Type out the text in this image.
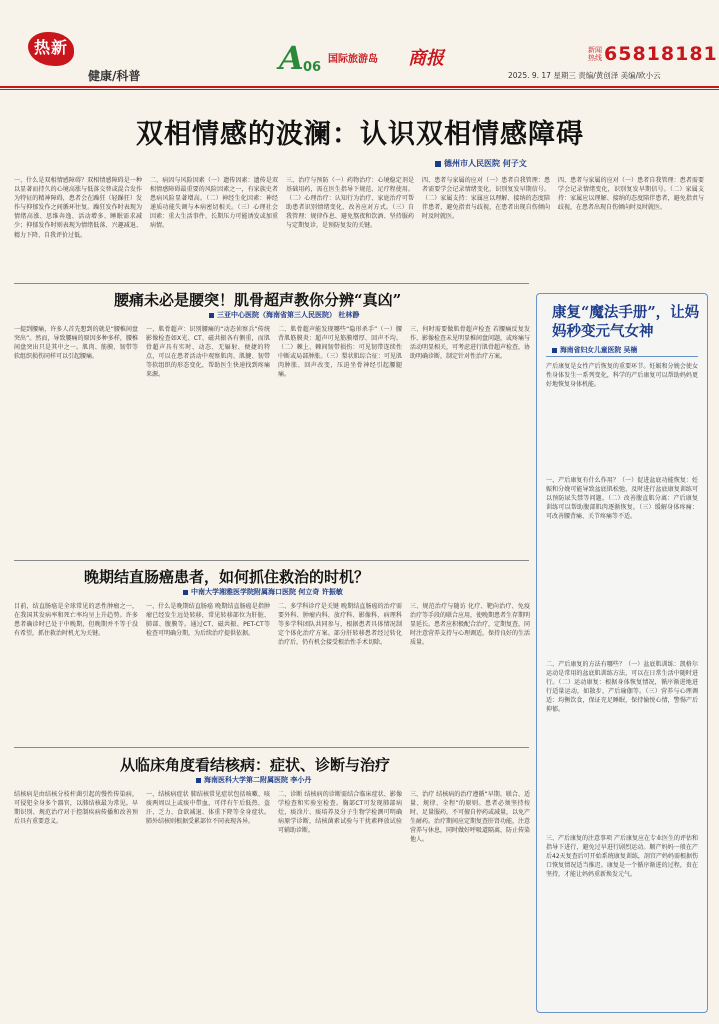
热新
健康/科普	A 06
国际旅游岛 商报	新闻热线 65818181
2025. 9. 17 星期三 责编/黄创泽 美编/欧小云
双相情感的波澜：认识双相情感障碍
德州市人民医院 何子文
一、什么是双相情感障碍？双相情感障碍是一种以显著而持久的心境高涨与低落交替或混合发作为特征的精神障碍，患者会在躁狂（轻躁狂）发作与抑郁发作之间循环往复。躁狂发作时表现为情绪高涨、思维奔逸、活动增多、睡眠需求减少；抑郁发作时则表现为情绪低落、兴趣减退、精力下降、自我评价过低。
二、病因与风险因素（一）遗传因素：遗传是双相情感障碍最重要的风险因素之一，有家族史者患病风险显著增高。（二）神经生化因素：神经递质功能失调与本病密切相关。（三）心理社会因素：重大生活事件、长期压力可能诱发或加重病情。
三、治疗与预防（一）药物治疗：心境稳定剂是基础用药，需在医生指导下规范、足疗程使用。（二）心理治疗：认知行为治疗、家庭治疗可帮助患者识别情绪变化、改善应对方式。（三）自我管理：规律作息、避免熬夜和饮酒、坚持服药与定期复诊，是预防复发的关键。
四、患者与家属的应对（一）患者自我管理：患者需要学会记录情绪变化，识别复发早期信号。（二）家属支持：家属应以理解、接纳的态度陪伴患者，避免指责与歧视，在患者出现自伤倾向时及时就医。
四、患者与家属的应对（一）患者自我管理：患者需要学会记录情绪变化，识别复发早期信号。（二）家属支持：家属应以理解、接纳的态度陪伴患者，避免指责与歧视，在患者出现自伤倾向时及时就医。
腰痛未必是腰突！肌骨超声教你分辨“真凶”
三亚中心医院（海南省第三人民医院） 杜林静
一提到腰痛，许多人首先想到的就是“腰椎间盘突出”。然而，导致腰痛的原因多种多样，腰椎间盘突出只是其中之一。肌肉、筋膜、韧带等软组织损伤同样可以引起腰痛。
一、肌骨超声：识别腰痛的“动态侦察兵”传统影像检查如X光、CT、磁共振各有侧重，而肌骨超声具有实时、动态、无辐射、便捷的特点，可以在患者活动中观察肌肉、肌腱、韧带等软组织的形态变化，帮助医生快速找到疼痛来源。
二、肌骨超声能发现哪些“隐形杀手”（一）腰背肌筋膜炎：超声可见筋膜增厚、回声不均。（二）棘上、棘间韧带损伤：可见韧带连续性中断或局部肿胀。（三）梨状肌综合征：可见肌肉肿胀、回声改变，压迫坐骨神经引起腰腿痛。
三、何时需要做肌骨超声检查 若腰痛反复发作、影像检查未见明显椎间盘问题，或疼痛与活动明显相关，可考虑进行肌骨超声检查，协助明确诊断，制定针对性治疗方案。
晚期结直肠癌患者，如何抓住救治的时机？
中南大学湘雅医学院附属海口医院 何立奇 许振敏
目前，结直肠癌是全球常见的恶性肿瘤之一，在我国其发病率和死亡率均呈上升趋势。许多患者确诊时已处于中晚期，但晚期并不等于没有希望，抓住救治时机尤为关键。
一、什么是晚期结直肠癌 晚期结直肠癌是指肿瘤已经发生远处转移，常见转移部位为肝脏、肺部、腹膜等。通过CT、磁共振、PET-CT等检查可明确分期，为后续治疗提供依据。
二、多学科诊疗是关键 晚期结直肠癌的治疗需要外科、肿瘤内科、放疗科、影像科、病理科等多学科团队共同参与，根据患者具体情况制定个体化治疗方案。部分肝转移患者经过转化治疗后，仍有机会接受根治性手术切除。
三、规范治疗与随访 化疗、靶向治疗、免疫治疗等手段的联合应用，使晚期患者生存期明显延长。患者应积极配合治疗，定期复查，同时注意营养支持与心理调适，保持良好的生活质量。
从临床角度看结核病：症状、诊断与治疗
海南医科大学第二附属医院 李小丹
结核病是由结核分枝杆菌引起的慢性传染病，可侵犯全身多个器官，以肺结核最为常见。早期识别、规范治疗对于控制疾病传播和改善预后具有重要意义。
一、结核病症状 肺结核常见症状包括咳嗽、咳痰两周以上或痰中带血，可伴有午后低热、盗汗、乏力、食欲减退、体重下降等全身症状。肺外结核则根据受累部位不同表现各异。
二、诊断 结核病的诊断需结合临床症状、影像学检查和实验室检查。胸部CT可发现肺部病灶，痰涂片、痰培养及分子生物学检测可明确病原学诊断，结核菌素试验与干扰素释放试验可辅助诊断。
三、治疗 结核病的治疗遵循“早期、联合、适量、规律、全程”的原则。患者必须坚持按时、足量服药，不可擅自停药或减量，以免产生耐药。治疗期间应定期复查肝肾功能，注意营养与休息，同时做好呼吸道隔离，防止传染他人。
康复“魔法手册”，让妈妈秒变元气女神
海南省妇女儿童医院 吴楠
产后康复是女性产后恢复的重要环节。妊娠和分娩会使女性身体发生一系列变化，科学的产后康复可以帮助妈妈更好地恢复身体机能。
一、产后康复有什么作用？（一）促进盆底功能恢复：妊娠和分娩可能导致盆底肌松弛，及时进行盆底康复训练可以预防尿失禁等问题。（二）改善腹直肌分离：产后康复训练可以帮助腹部肌肉逐渐恢复。（三）缓解身体疼痛：可改善腰背痛、关节疼痛等不适。
二、产后康复的方法有哪些？（一）盆底肌训练：凯格尔运动是常用的盆底肌训练方法，可以在日常生活中随时进行。（二）运动康复：根据身体恢复情况，循序渐进地进行适量运动，如散步、产后瑜伽等。（三）营养与心理调适：均衡饮食，保证充足睡眠，保持愉悦心情，警惕产后抑郁。
三、产后康复的注意事项 产后康复应在专业医生的评估和指导下进行，避免过早进行剧烈运动。顺产妈妈一般在产后42天复查后可开始系统康复训练，剖宫产妈妈需根据伤口恢复情况适当推迟。康复是一个循序渐进的过程，贵在坚持，才能让妈妈重新焕发元气。
